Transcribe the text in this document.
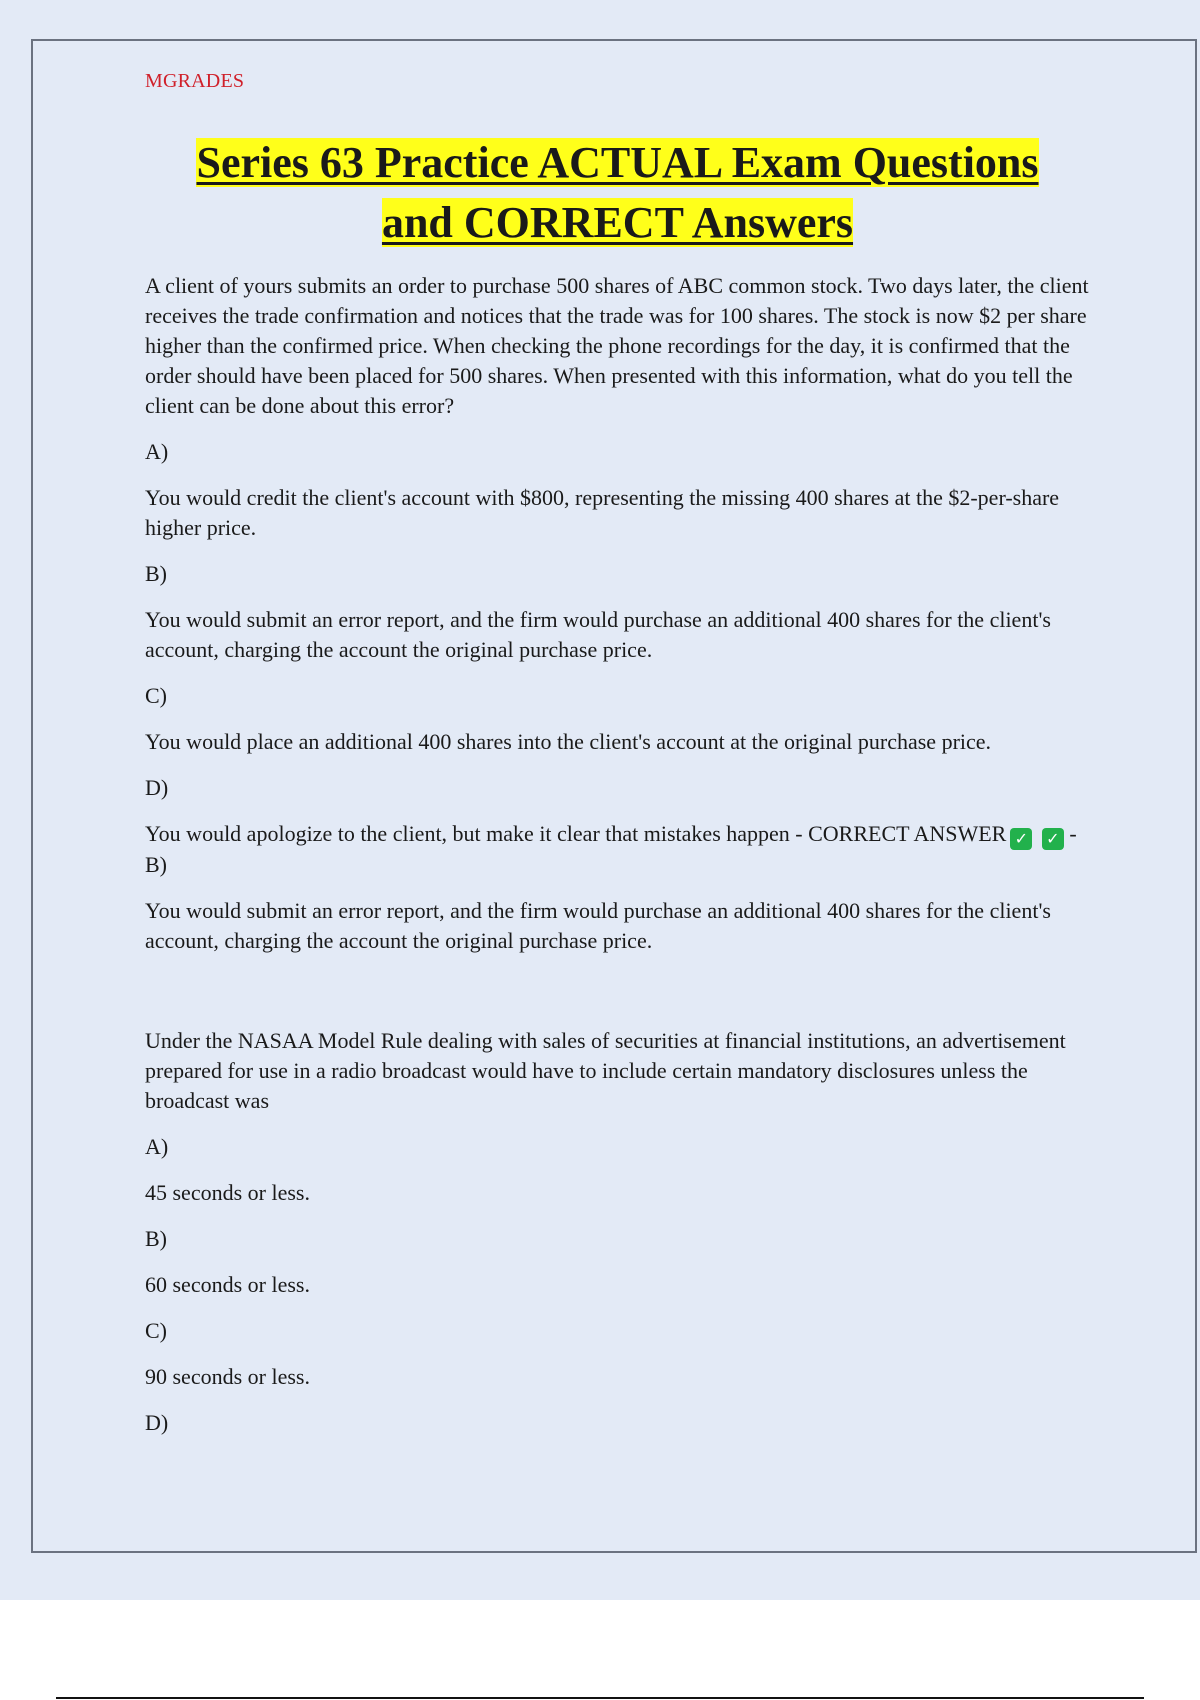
MGRADES
Series 63 Practice ACTUAL Exam Questions
and CORRECT Answers

A client of yours submits an order to purchase 500 shares of ABC common stock. Two days later, the client receives the trade confirmation and notices that the trade was for 100 shares. The stock is now $2 per share higher than the confirmed price. When checking the phone recordings for the day, it is confirmed that the order should have been placed for 500 shares. When presented with this information, what do you tell the client can be done about this error?

A)

You would credit the client's account with $800, representing the missing 400 shares at the $2-per-share higher price.

B)

You would submit an error report, and the firm would purchase an additional 400 shares for the client's account, charging the account the original purchase price.

C)

You would place an additional 400 shares into the client's account at the original purchase price.

D)

You would apologize to the client, but make it clear that mistakes happen - CORRECT ANSWER ✓ ✓ - B)

You would submit an error report, and the firm would purchase an additional 400 shares for the client's account, charging the account the original purchase price.

Under the NASAA Model Rule dealing with sales of securities at financial institutions, an advertisement prepared for use in a radio broadcast would have to include certain mandatory disclosures unless the broadcast was

A)

45 seconds or less.

B)

60 seconds or less.

C)

90 seconds or less.

D)
